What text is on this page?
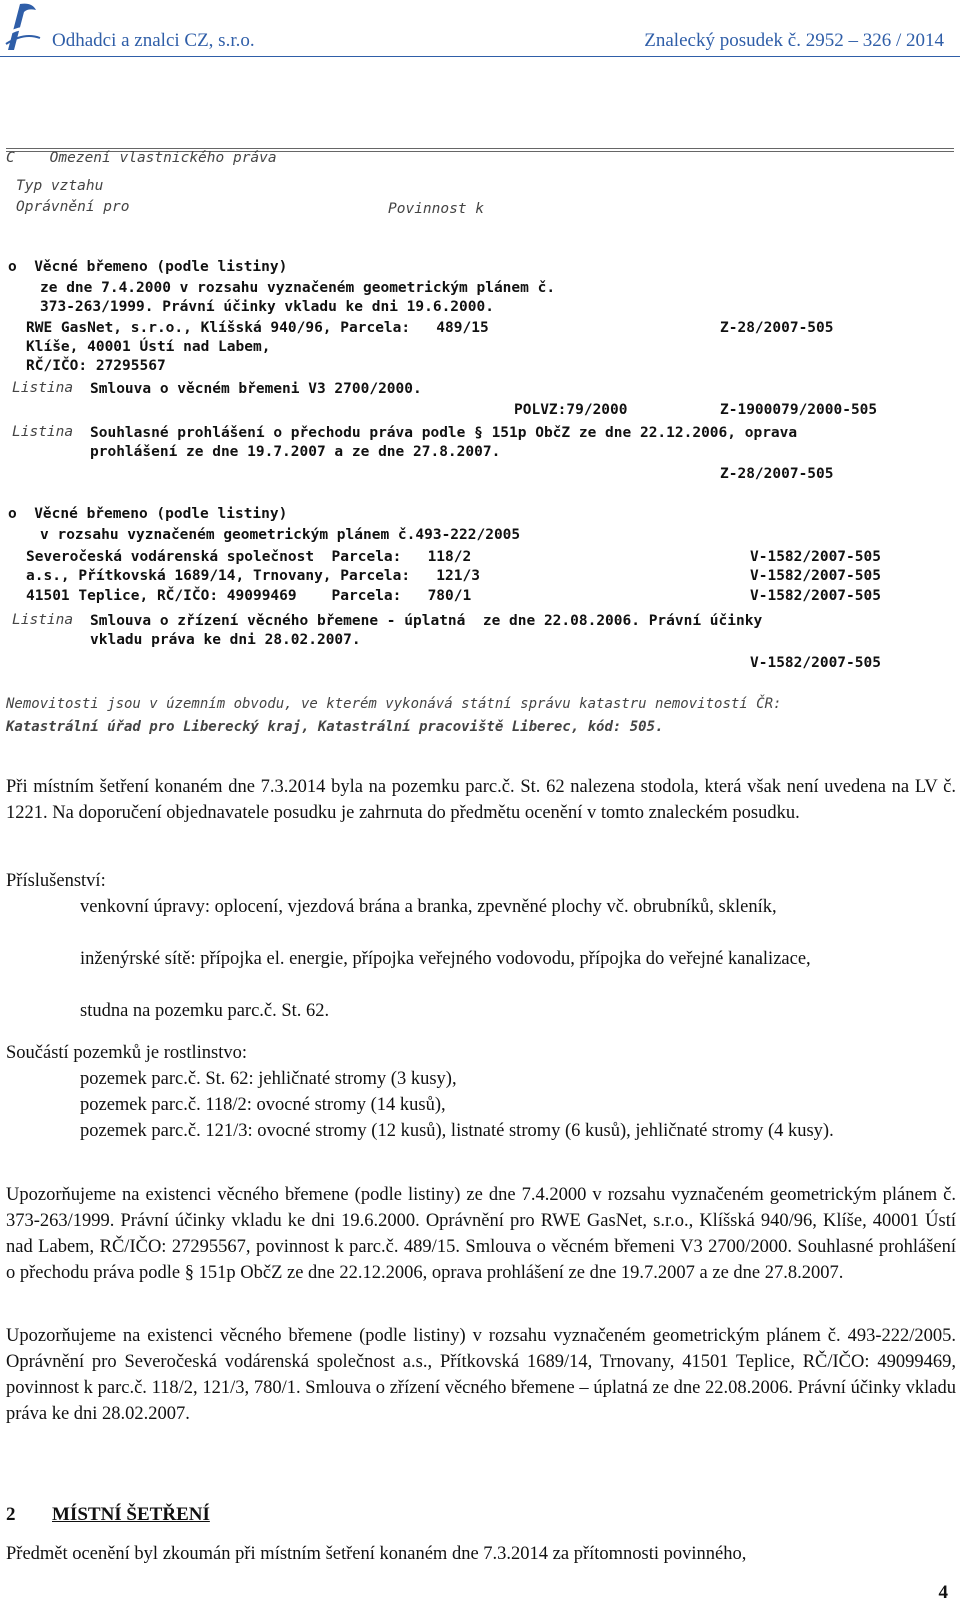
Odhadci a znalci CZ, s.r.o.	Znalecký posudek č. 2952 – 326 / 2014
C    Omezení vlastnického práva
Typ vztahu
Oprávnění pro	Povinnost k
o  Věcné břemeno (podle listiny)
ze dne 7.4.2000 v rozsahu vyznačeném geometrickým plánem č.
373-263/1999. Právní účinky vkladu ke dni 19.6.2000.
RWE GasNet, s.r.o., Klíšská 940/96, Parcela:   489/15	Z-28/2007-505
Klíše, 40001 Ústí nad Labem,
RČ/IČO: 27295567
Listina Smlouva o věcném břemeni V3 2700/2000.
POLVZ:79/2000	Z-1900079/2000-505
Listina Souhlasné prohlášení o přechodu práva podle § 151p ObčZ ze dne 22.12.2006, oprava
prohlášení ze dne 19.7.2007 a ze dne 27.8.2007.
Z-28/2007-505
o  Věcné břemeno (podle listiny)
v rozsahu vyznačeném geometrickým plánem č.493-222/2005
Severočeská vodárenská společnost  Parcela:   118/2	V-1582/2007-505
a.s., Přítkovská 1689/14, Trnovany, Parcela:   121/3	V-1582/2007-505
41501 Teplice, RČ/IČO: 49099469    Parcela:   780/1	V-1582/2007-505
Listina Smlouva o zřízení věcného břemene - úplatná  ze dne 22.08.2006. Právní účinky
vkladu práva ke dni 28.02.2007.
V-1582/2007-505
Nemovitosti jsou v územním obvodu, ve kterém vykonává státní správu katastru nemovitostí ČR:
Katastrální úřad pro Liberecký kraj, Katastrální pracoviště Liberec, kód: 505.
Při místním šetření konaném dne 7.3.2014 byla na pozemku parc.č. St. 62 nalezena stodola, která však není uvedena na LV č. 1221. Na doporučení objednavatele posudku je zahrnuta do předmětu ocenění v tomto znaleckém posudku.
Příslušenství:
venkovní úpravy: oplocení, vjezdová brána a branka, zpevněné plochy vč. obrubníků, skleník,
inženýrské sítě: přípojka el. energie, přípojka veřejného vodovodu, přípojka do veřejné kanalizace,
studna na pozemku parc.č. St. 62.
Součástí pozemků je rostlinstvo:
pozemek parc.č. St. 62: jehličnaté stromy (3 kusy),
pozemek parc.č. 118/2: ovocné stromy (14 kusů),
pozemek parc.č. 121/3: ovocné stromy (12 kusů), listnaté stromy (6 kusů), jehličnaté stromy (4 kusy).
Upozorňujeme na existenci věcného břemene (podle listiny) ze dne 7.4.2000 v rozsahu vyznačeném geometrickým plánem č. 373-263/1999. Právní účinky vkladu ke dni 19.6.2000. Oprávnění pro RWE GasNet, s.r.o., Klíšská 940/96, Klíše, 40001 Ústí nad Labem, RČ/IČO: 27295567, povinnost k parc.č. 489/15. Smlouva o věcném břemeni V3 2700/2000. Souhlasné prohlášení o přechodu práva podle § 151p ObčZ ze dne 22.12.2006, oprava prohlášení ze dne 19.7.2007 a ze dne 27.8.2007.
Upozorňujeme na existenci věcného břemene (podle listiny) v rozsahu vyznačeném geometrickým plánem č. 493-222/2005. Oprávnění pro Severočeská vodárenská společnost a.s., Přítkovská 1689/14, Trnovany, 41501 Teplice, RČ/IČO: 49099469, povinnost k parc.č. 118/2, 121/3, 780/1. Smlouva o zřízení věcného břemene – úplatná ze dne 22.08.2006. Právní účinky vkladu práva ke dni 28.02.2007.
2 MÍSTNÍ ŠETŘENÍ
Předmět ocenění byl zkoumán při místním šetření konaném dne 7.3.2014 za přítomnosti povinného,
4
